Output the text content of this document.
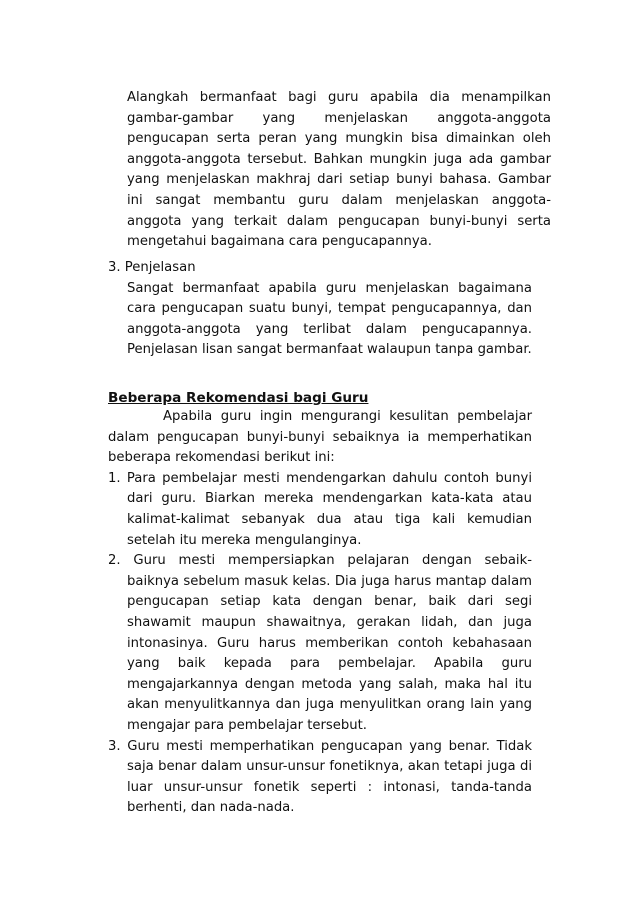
Alangkah bermanfaat bagi guru apabila dia menampilkan gambar-gambar yang menjelaskan anggota-anggota pengucapan serta peran yang mungkin bisa dimainkan oleh anggota-anggota tersebut. Bahkan mungkin juga ada gambar yang menjelaskan makhraj dari setiap bunyi bahasa. Gambar ini sangat membantu guru dalam menjelaskan anggota-anggota yang terkait dalam pengucapan bunyi-bunyi serta mengetahui bagaimana cara pengucapannya.

3. Penjelasan

Sangat bermanfaat apabila guru menjelaskan bagaimana cara pengucapan suatu bunyi, tempat pengucapannya, dan anggota-anggota yang terlibat dalam pengucapannya. Penjelasan lisan sangat bermanfaat walaupun tanpa gambar.

Beberapa Rekomendasi bagi Guru

Apabila guru ingin mengurangi kesulitan pembelajar dalam pengucapan bunyi-bunyi sebaiknya ia memperhatikan beberapa rekomendasi berikut ini:

1. Para pembelajar mesti mendengarkan dahulu contoh bunyi dari guru. Biarkan mereka mendengarkan kata-kata atau kalimat-kalimat sebanyak dua atau tiga kali kemudian setelah itu mereka mengulanginya.

2. Guru mesti mempersiapkan pelajaran dengan sebaik-baiknya sebelum masuk kelas. Dia juga harus mantap dalam pengucapan setiap kata dengan benar, baik dari segi shawamit maupun shawaitnya, gerakan lidah, dan juga intonasinya. Guru harus memberikan contoh kebahasaan yang baik kepada para pembelajar. Apabila guru mengajarkannya dengan metoda yang salah, maka hal itu akan menyulitkannya dan juga menyulitkan orang lain yang mengajar para pembelajar tersebut.

3. Guru mesti memperhatikan pengucapan yang benar. Tidak saja benar dalam unsur-unsur fonetiknya, akan tetapi juga di luar unsur-unsur fonetik seperti : intonasi, tanda-tanda berhenti, dan nada-nada.
